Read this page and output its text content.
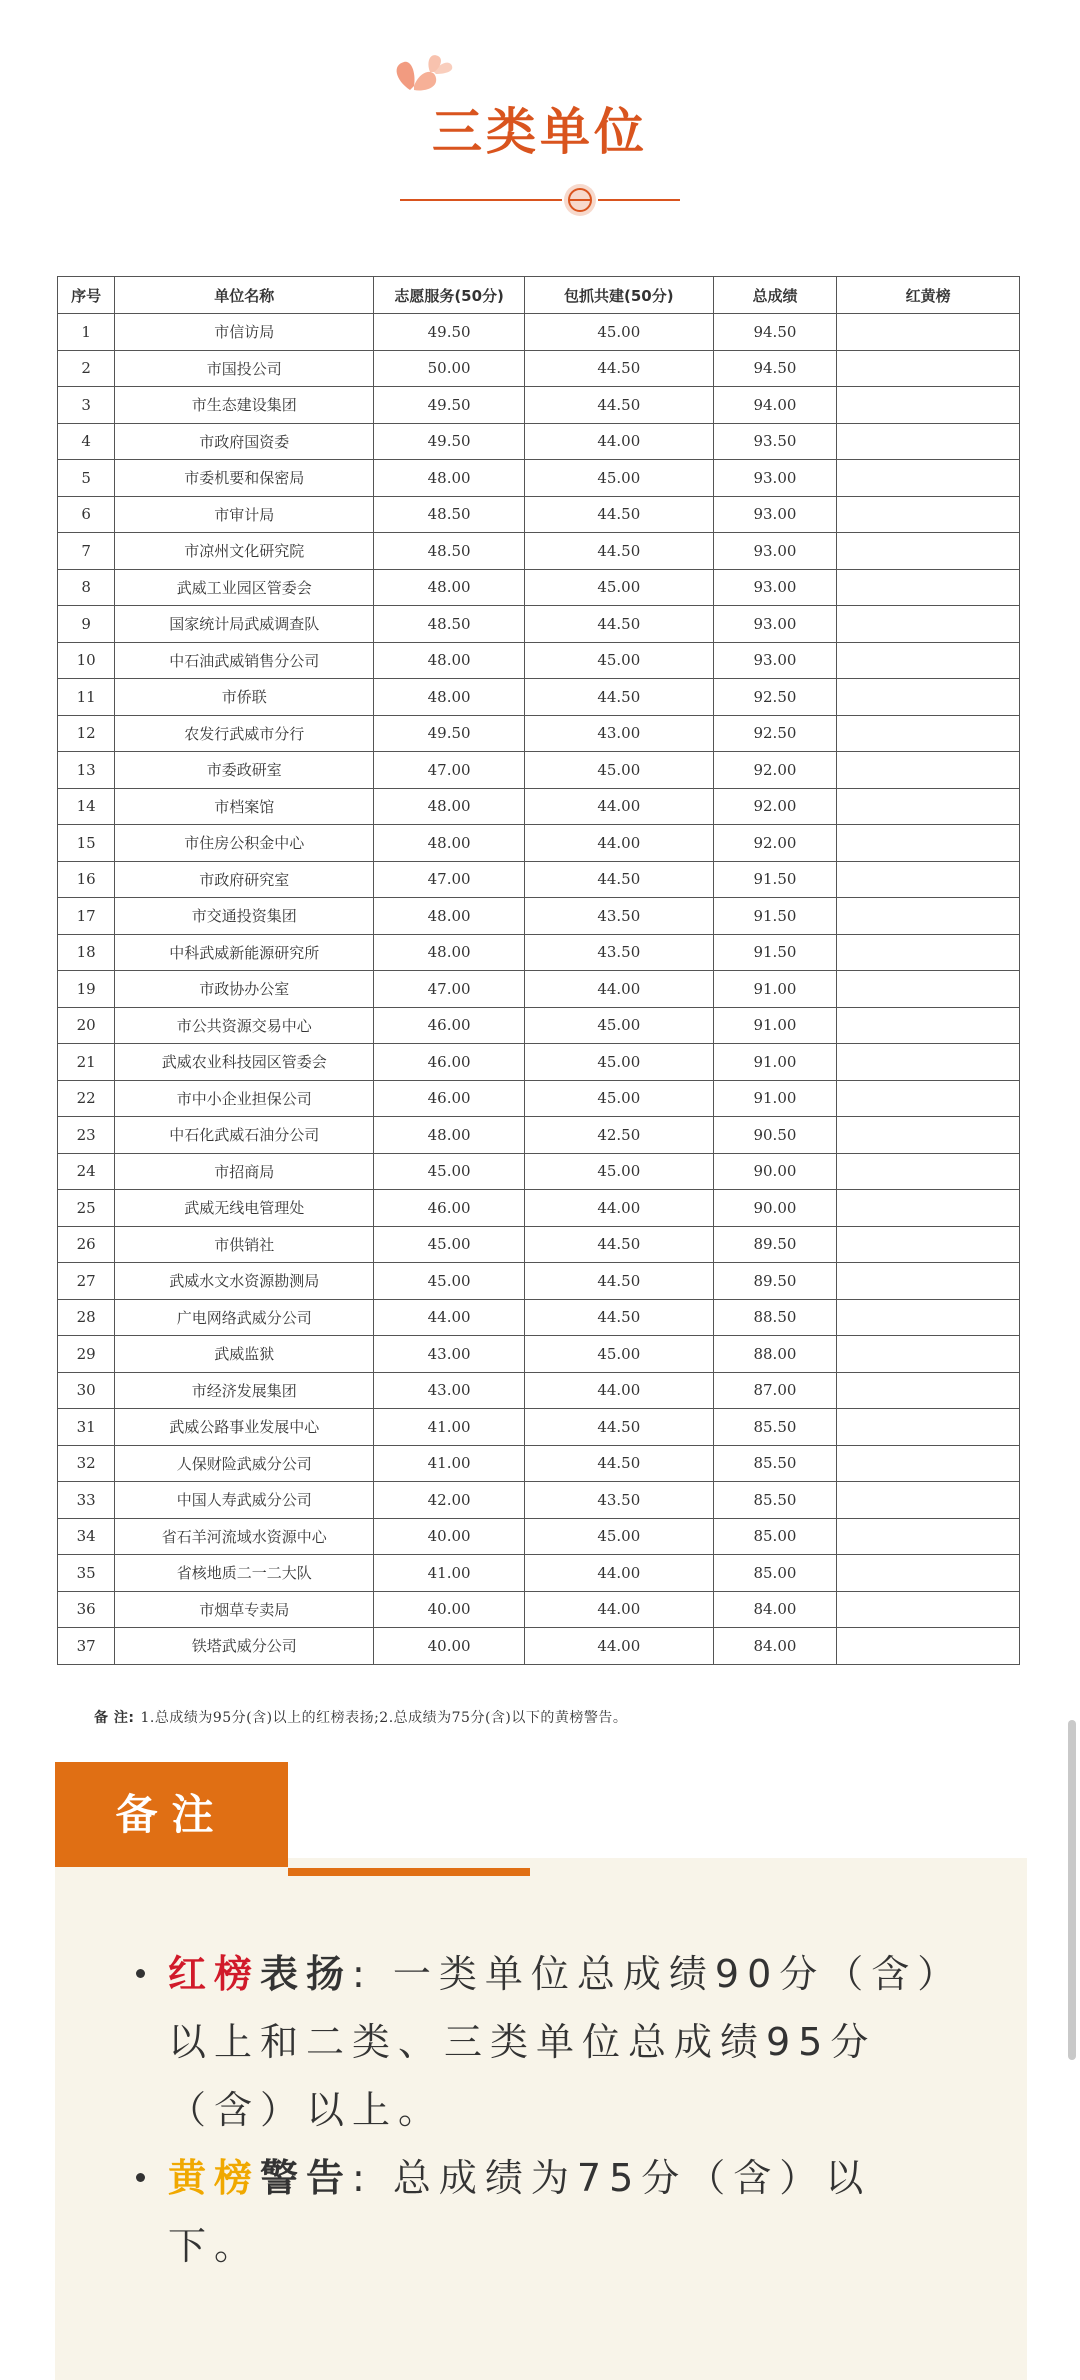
三类单位
序号	单位名称	志愿服务(50分)	包抓共建(50分)	总成绩	红黄榜
1	市信访局	49.50	45.00	94.50	
2	市国投公司	50.00	44.50	94.50	
3	市生态建设集团	49.50	44.50	94.00	
4	市政府国资委	49.50	44.00	93.50	
5	市委机要和保密局	48.00	45.00	93.00	
6	市审计局	48.50	44.50	93.00	
7	市凉州文化研究院	48.50	44.50	93.00	
8	武威工业园区管委会	48.00	45.00	93.00	
9	国家统计局武威调查队	48.50	44.50	93.00	
10	中石油武威销售分公司	48.00	45.00	93.00	
11	市侨联	48.00	44.50	92.50	
12	农发行武威市分行	49.50	43.00	92.50	
13	市委政研室	47.00	45.00	92.00	
14	市档案馆	48.00	44.00	92.00	
15	市住房公积金中心	48.00	44.00	92.00	
16	市政府研究室	47.00	44.50	91.50	
17	市交通投资集团	48.00	43.50	91.50	
18	中科武威新能源研究所	48.00	43.50	91.50	
19	市政协办公室	47.00	44.00	91.00	
20	市公共资源交易中心	46.00	45.00	91.00	
21	武威农业科技园区管委会	46.00	45.00	91.00	
22	市中小企业担保公司	46.00	45.00	91.00	
23	中石化武威石油分公司	48.00	42.50	90.50	
24	市招商局	45.00	45.00	90.00	
25	武威无线电管理处	46.00	44.00	90.00	
26	市供销社	45.00	44.50	89.50	
27	武威水文水资源勘测局	45.00	44.50	89.50	
28	广电网络武威分公司	44.00	44.50	88.50	
29	武威监狱	43.00	45.00	88.00	
30	市经济发展集团	43.00	44.00	87.00	
31	武威公路事业发展中心	41.00	44.50	85.50	
32	人保财险武威分公司	41.00	44.50	85.50	
33	中国人寿武威分公司	42.00	43.50	85.50	
34	省石羊河流域水资源中心	40.00	45.00	85.00	
35	省核地质二一二大队	41.00	44.00	85.00	
36	市烟草专卖局	40.00	44.00	84.00	
37	铁塔武威分公司	40.00	44.00	84.00	
备 注: 1.总成绩为95分(含)以上的红榜表扬;2.总成绩为75分(含)以下的黄榜警告。
备注
红榜表扬: 一类单位总成绩90分（含）以上和二类、三类单位总成绩95分（含）以上。
黄榜警告: 总成绩为75分（含）以下。
